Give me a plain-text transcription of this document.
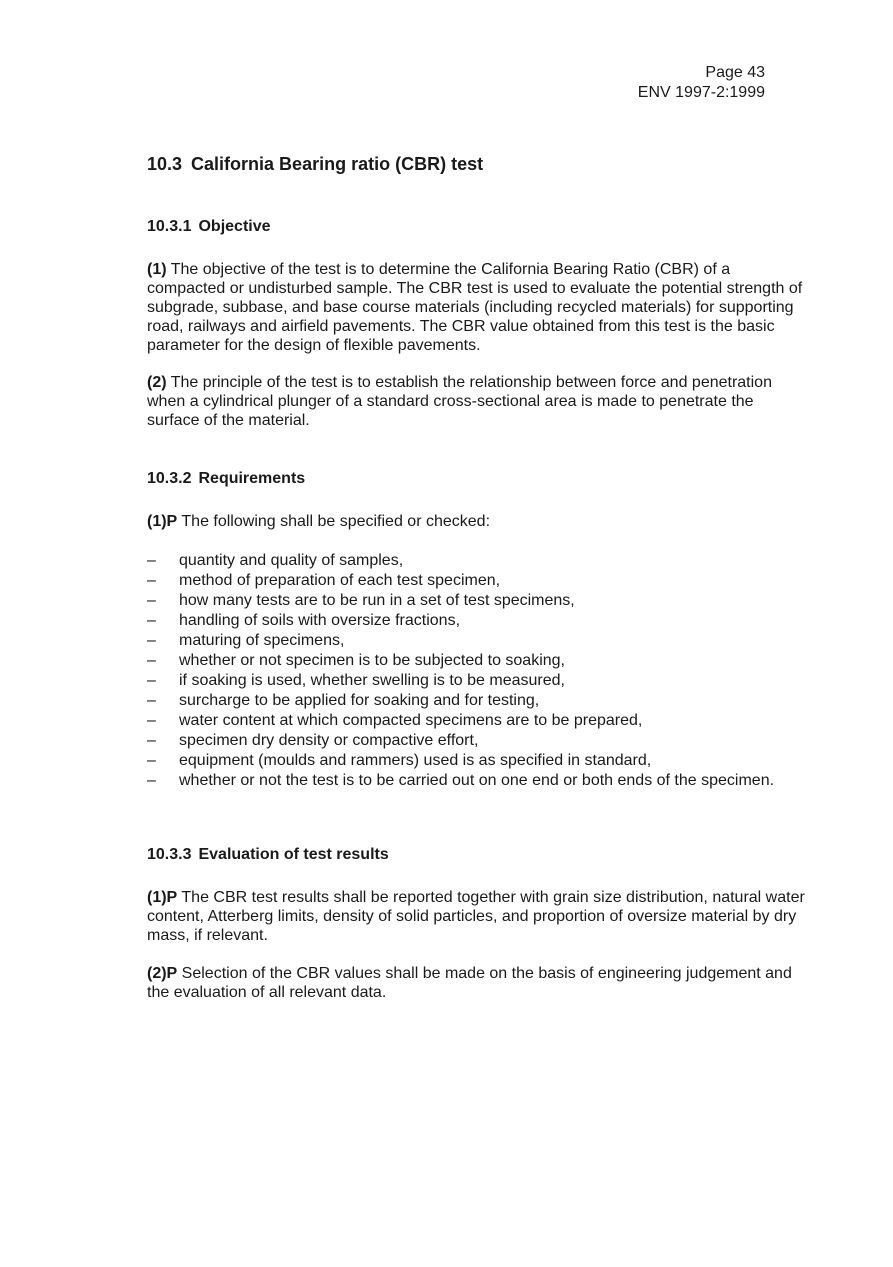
Page 43
ENV 1997-2:1999
10.3 California Bearing ratio (CBR) test
10.3.1 Objective

(1) The objective of the test is to determine the California Bearing Ratio (CBR) of a compacted or undisturbed sample. The CBR test is used to evaluate the potential strength of subgrade, subbase, and base course materials (including recycled materials) for supporting road, railways and airfield pavements. The CBR value obtained from this test is the basic parameter for the design of flexible pavements.

(2) The principle of the test is to establish the relationship between force and penetration when a cylindrical plunger of a standard cross-sectional area is made to penetrate the surface of the material.

10.3.2 Requirements

(1)P The following shall be specified or checked:

– quantity and quality of samples,
– method of preparation of each test specimen,
– how many tests are to be run in a set of test specimens,
– handling of soils with oversize fractions,
– maturing of specimens,
– whether or not specimen is to be subjected to soaking,
– if soaking is used, whether swelling is to be measured,
– surcharge to be applied for soaking and for testing,
– water content at which compacted specimens are to be prepared,
– specimen dry density or compactive effort,
– equipment (moulds and rammers) used is as specified in standard,
– whether or not the test is to be carried out on one end or both ends of the specimen.
10.3.3 Evaluation of test results

(1)P The CBR test results shall be reported together with grain size distribution, natural water content, Atterberg limits, density of solid particles, and proportion of oversize material by dry mass, if relevant.

(2)P Selection of the CBR values shall be made on the basis of engineering judgement and the evaluation of all relevant data.
